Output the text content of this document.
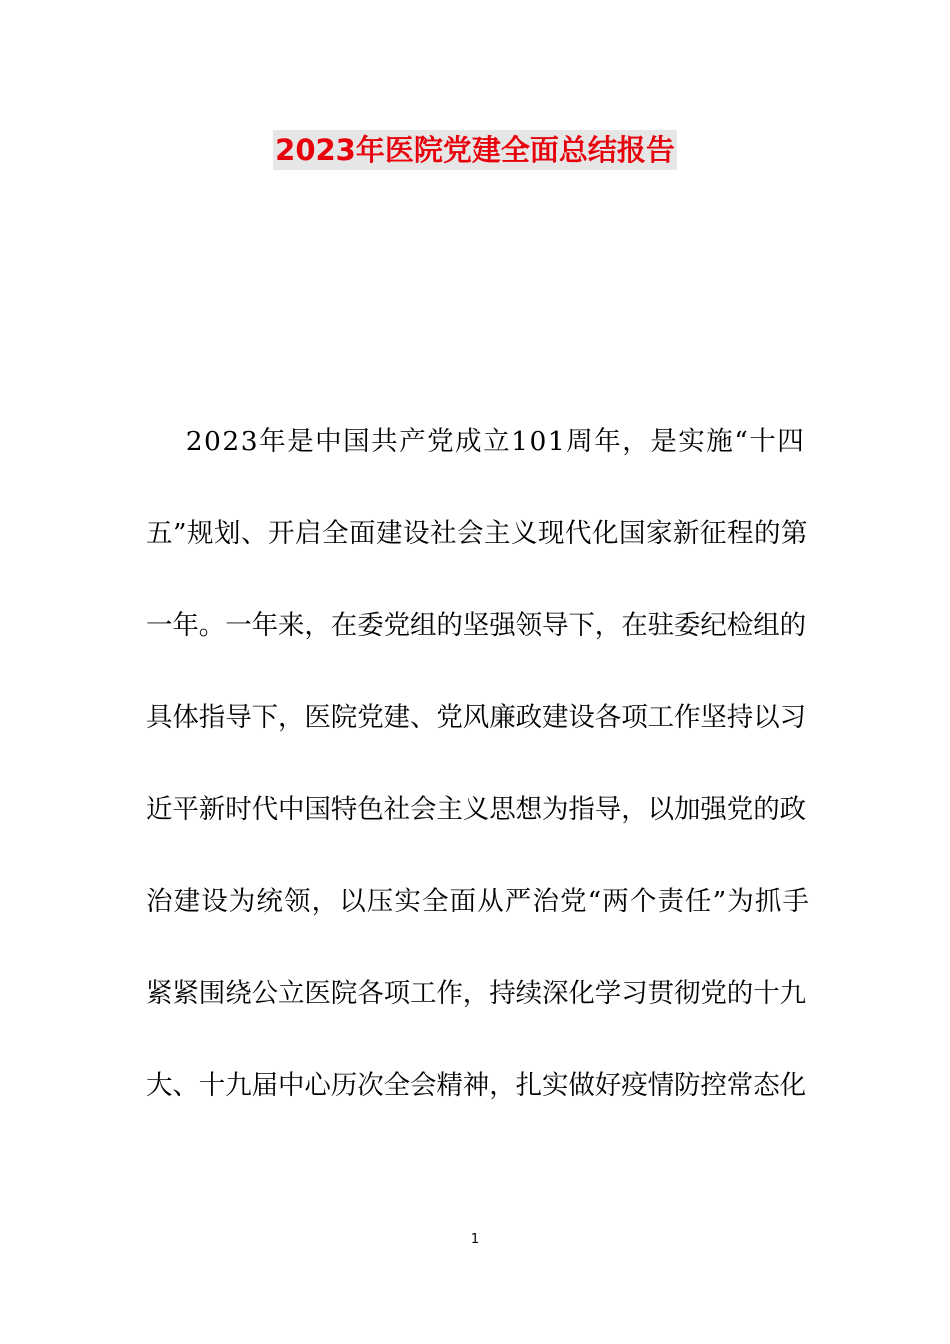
2023年医院党建全面总结报告
2023年是中国共产党成立101周年，是实施“十四
五”规划、开启全面建设社会主义现代化国家新征程的第
一年。一年来，在委党组的坚强领导下，在驻委纪检组的
具体指导下，医院党建、党风廉政建设各项工作坚持以习
近平新时代中国特色社会主义思想为指导，以加强党的政
治建设为统领，以压实全面从严治党“两个责任”为抓手
紧紧围绕公立医院各项工作，持续深化学习贯彻党的十九
大、十九届中心历次全会精神，扎实做好疫情防控常态化
1
